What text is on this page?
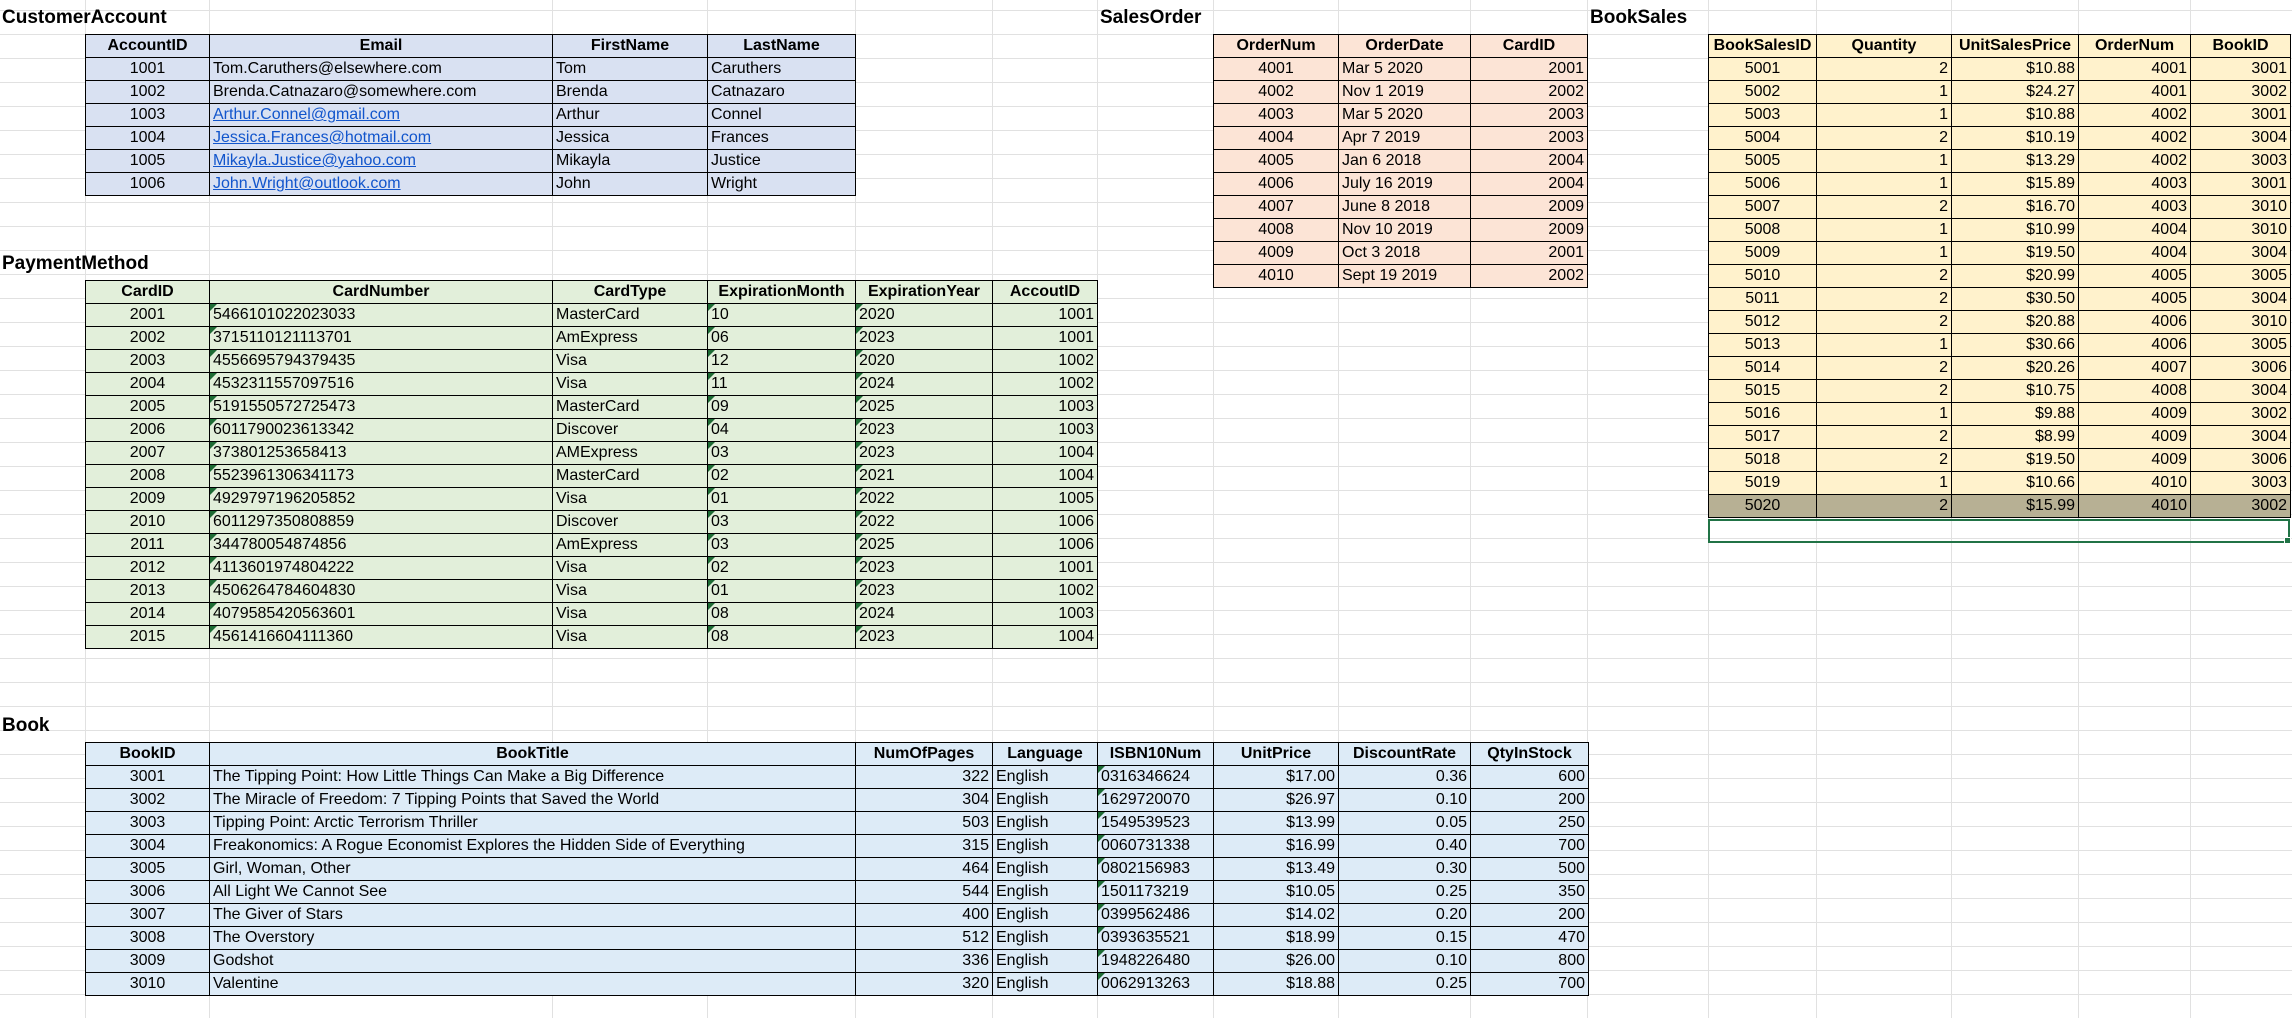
CustomerAccount
AccountID	Email	FirstName	LastName
1001	Tom.Caruthers@elsewhere.com	Tom	Caruthers
1002	Brenda.Catnazaro@somewhere.com	Brenda	Catnazaro
1003	Arthur.Connel@gmail.com	Arthur	Connel
1004	Jessica.Frances@hotmail.com	Jessica	Frances
1005	Mikayla.Justice@yahoo.com	Mikayla	Justice
1006	John.Wright@outlook.com	John	Wright
PaymentMethod
CardID	CardNumber	CardType	ExpirationMonth	ExpirationYear	AccoutID
2001	5466101022023033	MasterCard	10	2020	1001
2002	3715110121113701	AmExpress	06	2023	1001
2003	4556695794379435	Visa	12	2020	1002
2004	4532311557097516	Visa	11	2024	1002
2005	5191550572725473	MasterCard	09	2025	1003
2006	6011790023613342	Discover	04	2023	1003
2007	373801253658413	AMExpress	03	2023	1004
2008	5523961306341173	MasterCard	02	2021	1004
2009	4929797196205852	Visa	01	2022	1005
2010	6011297350808859	Discover	03	2022	1006
2011	344780054874856	AmExpress	03	2025	1006
2012	4113601974804222	Visa	02	2023	1001
2013	4506264784604830	Visa	01	2023	1002
2014	4079585420563601	Visa	08	2024	1003
2015	4561416604111360	Visa	08	2023	1004
SalesOrder
OrderNum	OrderDate	CardID
4001	Mar 5 2020	2001
4002	Nov 1 2019	2002
4003	Mar 5 2020	2003
4004	Apr 7 2019	2003
4005	Jan 6 2018	2004
4006	July 16 2019	2004
4007	June 8 2018	2009
4008	Nov 10 2019	2009
4009	Oct 3 2018	2001
4010	Sept 19 2019	2002
BookSales
BookSalesID	Quantity	UnitSalesPrice	OrderNum	BookID
5001	2	$10.88	4001	3001
5002	1	$24.27	4001	3002
5003	1	$10.88	4002	3001
5004	2	$10.19	4002	3004
5005	1	$13.29	4002	3003
5006	1	$15.89	4003	3001
5007	2	$16.70	4003	3010
5008	1	$10.99	4004	3010
5009	1	$19.50	4004	3004
5010	2	$20.99	4005	3005
5011	2	$30.50	4005	3004
5012	2	$20.88	4006	3010
5013	1	$30.66	4006	3005
5014	2	$20.26	4007	3006
5015	2	$10.75	4008	3004
5016	1	$9.88	4009	3002
5017	2	$8.99	4009	3004
5018	2	$19.50	4009	3006
5019	1	$10.66	4010	3003
5020	2	$15.99	4010	3002
Book
BookID	BookTitle	NumOfPages	Language	ISBN10Num	UnitPrice	DiscountRate	QtyInStock
3001	The Tipping Point: How Little Things Can Make a Big Difference	322	English	0316346624	$17.00	0.36	600
3002	The Miracle of Freedom: 7 Tipping Points that Saved the World	304	English	1629720070	$26.97	0.10	200
3003	Tipping Point: Arctic Terrorism Thriller	503	English	1549539523	$13.99	0.05	250
3004	Freakonomics: A Rogue Economist Explores the Hidden Side of Everything	315	English	0060731338	$16.99	0.40	700
3005	Girl, Woman, Other	464	English	0802156983	$13.49	0.30	500
3006	All Light We Cannot See	544	English	1501173219	$10.05	0.25	350
3007	The Giver of Stars	400	English	0399562486	$14.02	0.20	200
3008	The Overstory	512	English	0393635521	$18.99	0.15	470
3009	Godshot	336	English	1948226480	$26.00	0.10	800
3010	Valentine	320	English	0062913263	$18.88	0.25	700
